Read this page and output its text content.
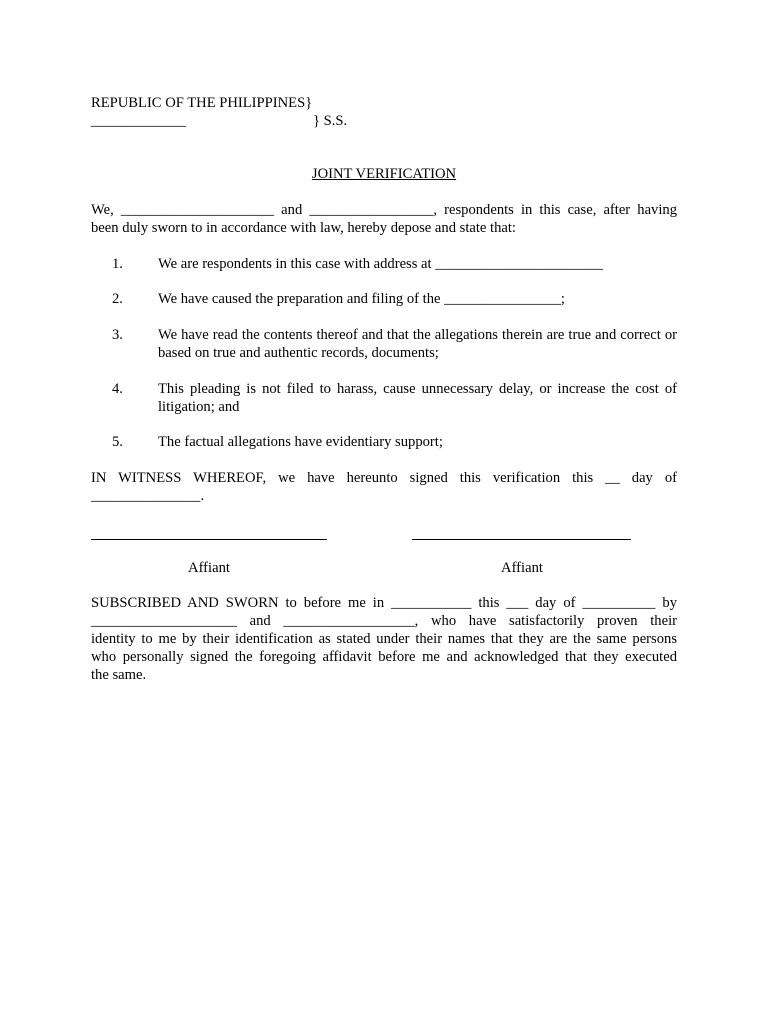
REPUBLIC OF THE PHILIPPINES}
_____________	} S.S.
JOINT VERIFICATION
We, _____________________ and _________________, respondents in this case, after having
been duly sworn to in accordance with law, hereby depose and state that:
1. We are respondents in this case with address at _______________________
2. We have caused the preparation and filing of the ________________;
3. We have read the contents thereof and that the allegations therein are true and correct or based on true and authentic records, documents;
4. This pleading is not filed to harass, cause unnecessary delay, or increase the cost of litigation; and
5. The factual allegations have evidentiary support;
IN WITNESS WHEREOF, we have hereunto signed this verification this __ day of
_______________.
Affiant	Affiant
SUBSCRIBED AND SWORN to before me in ___________ this ___ day of __________ by
____________________ and __________________, who have satisfactorily proven their
identity to me by their identification as stated under their names that they are the same persons
who personally signed the foregoing affidavit before me and acknowledged that they executed
the same.
